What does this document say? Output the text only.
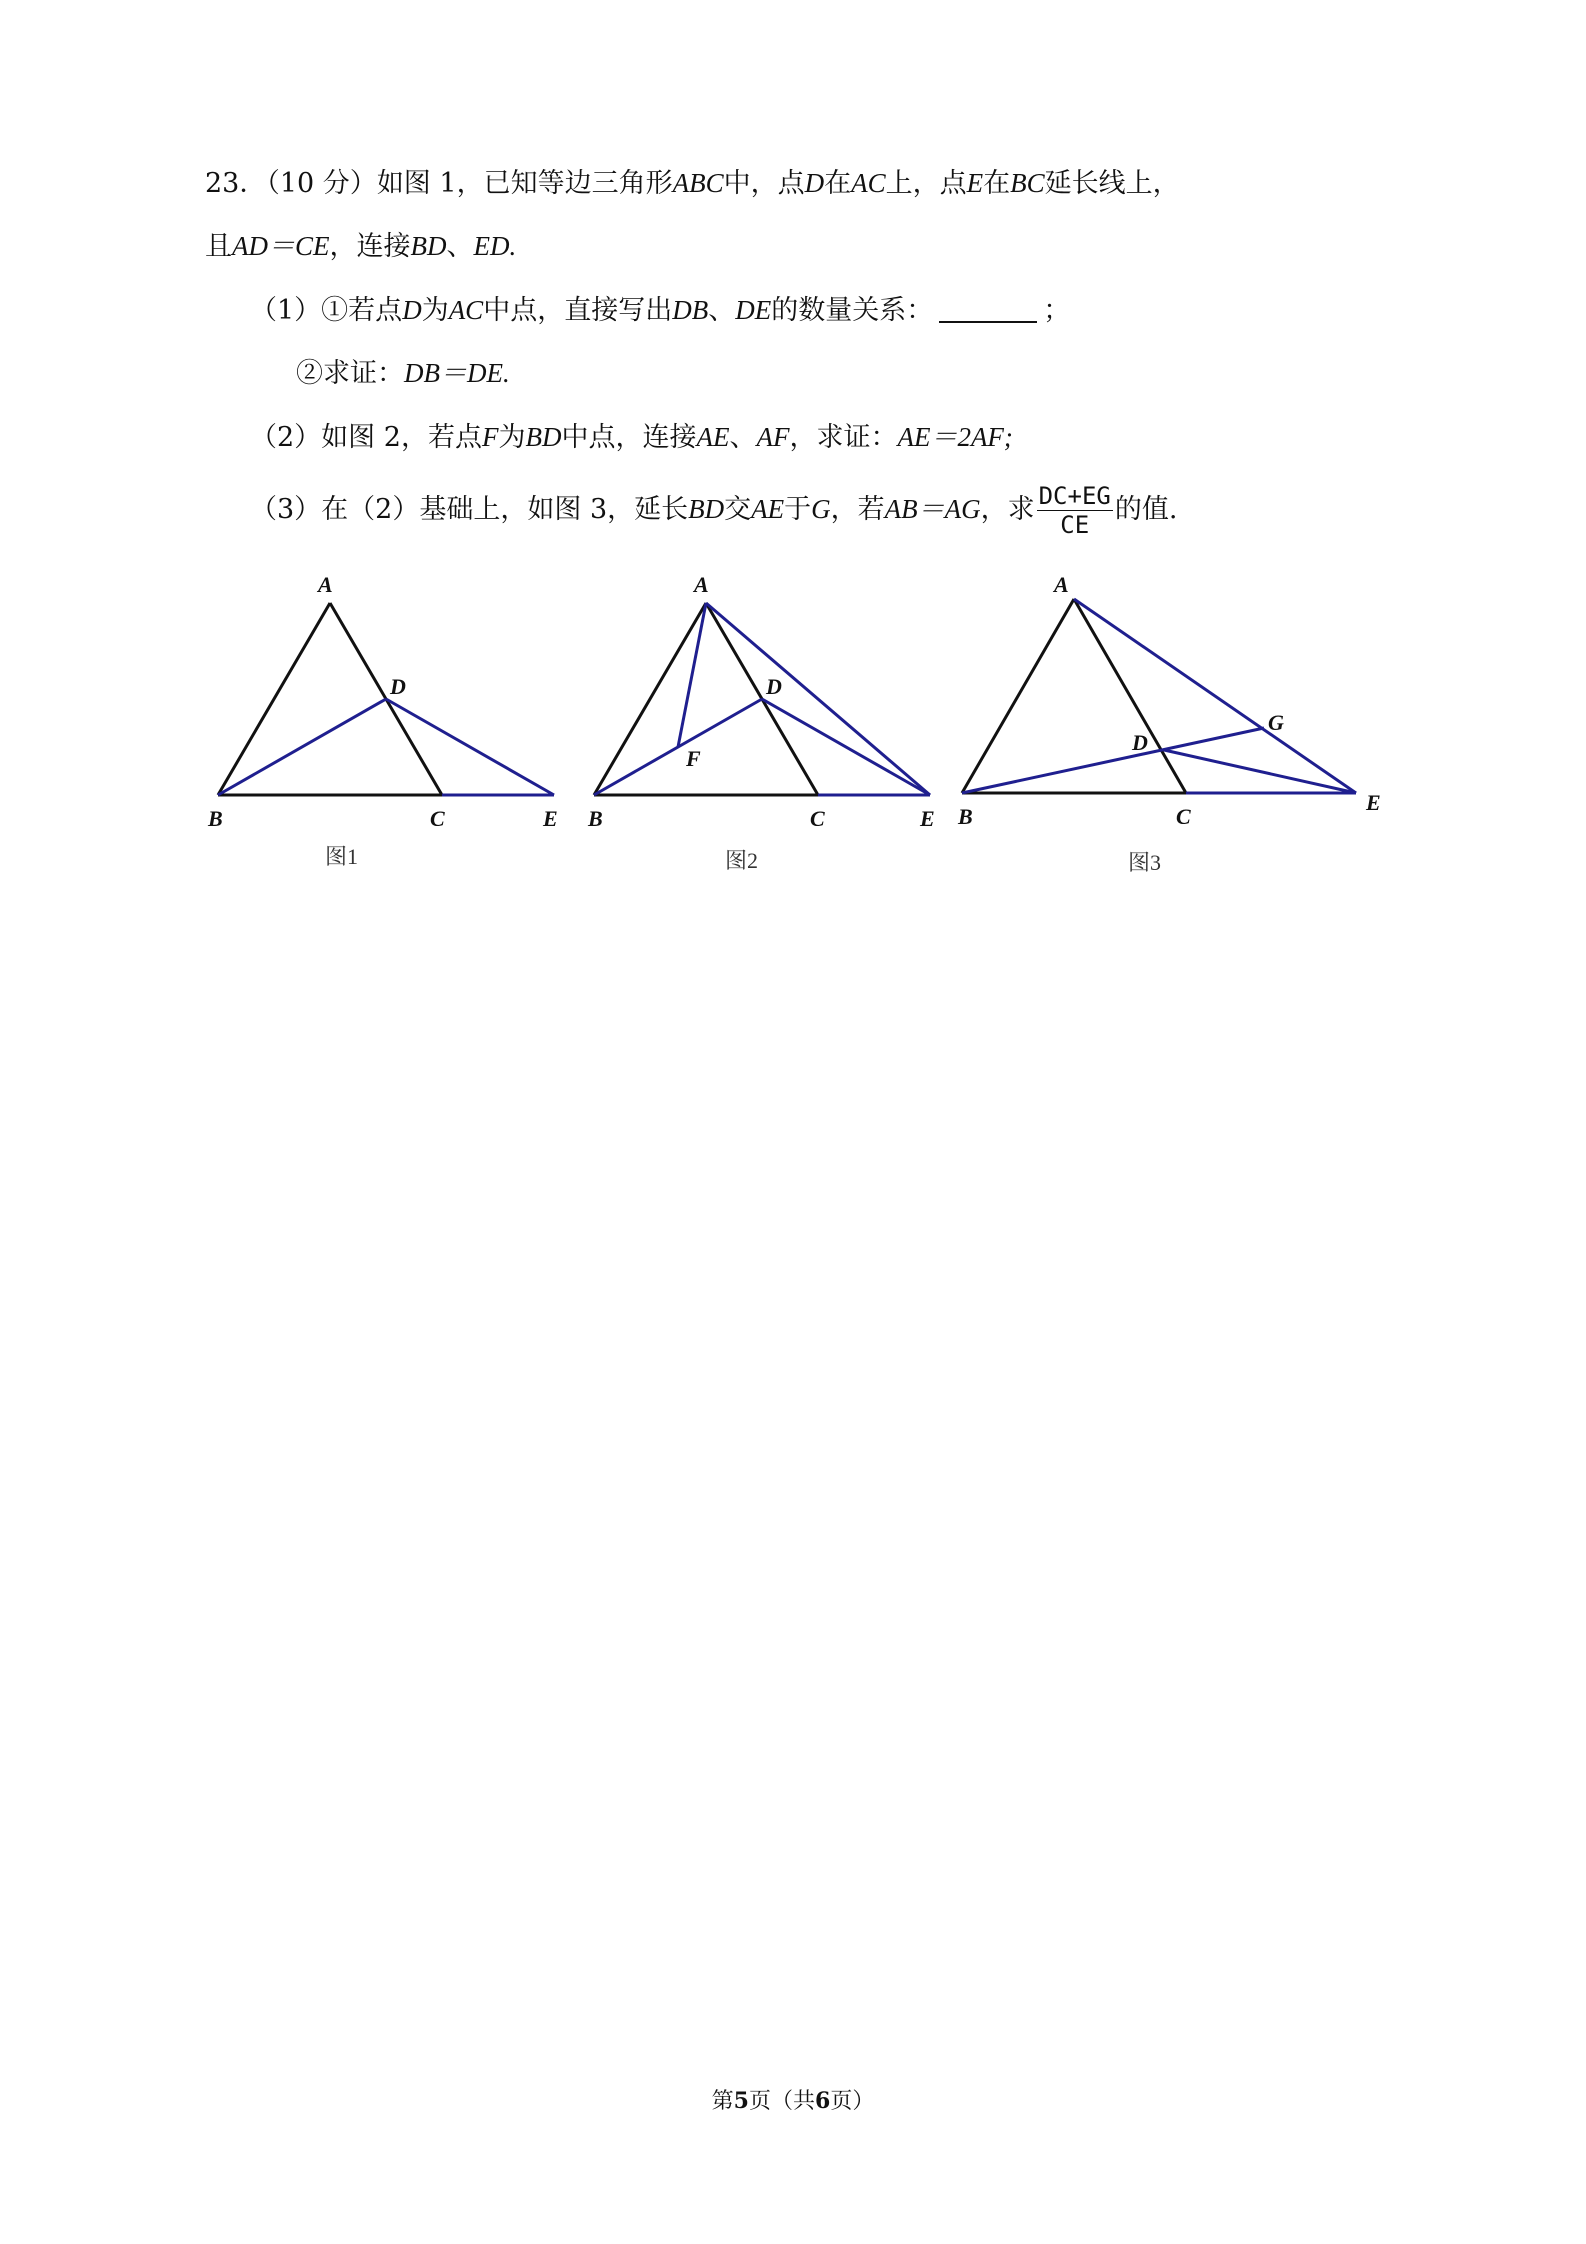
23．（10 分）如图 1，已知等边三角形ABC中，点D在AC上，点E在BC延长线上，
且AD＝CE，连接BD、ED.
（1）①若点D为AC中点，直接写出DB、DE的数量关系：	；
②求证：DB＝DE.
（2）如图 2，若点F为BD中点，连接AE、AF，求证：AE＝2AF;
（3）在（2）基础上，如图 3，延长BD交AE于G，若AB＝AG，求 $\frac{DC+EG}{CE}$ 的值.
A
B	C
D
E
A
B	C
D
E
F
A
B	C
D
E
G
图1	图2	图3
第5页（共6页）
